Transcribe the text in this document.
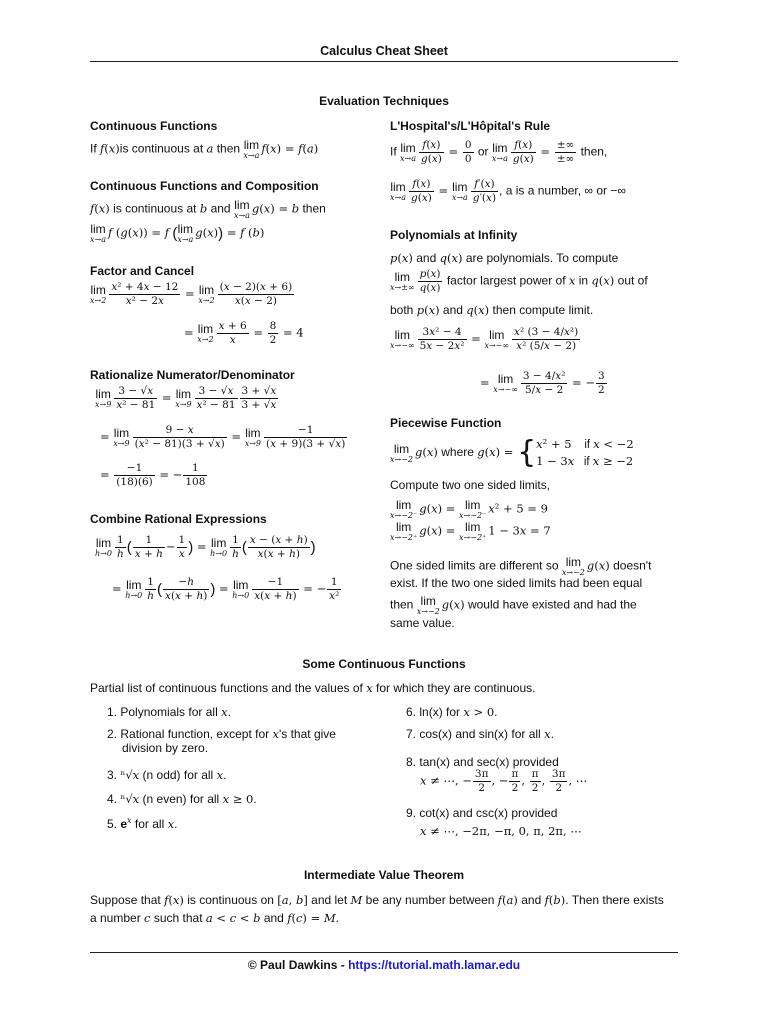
Calculus Cheat Sheet
Evaluation Techniques
Continuous Functions
If f(x)is continuous at a then lim
x→a f(x) = f(a)
Continuous Functions and Composition
f(x) is continuous at b and lim
x→a g(x) = b then
lim
x→a f (g(x)) = f ( lim
x→a g(x)) = f (b)
Factor and Cancel
lim
$x\to 2 \frac{\text{x² + 4x − 12}}{\text{x² − 2x}} = \lim$
$x\to 2 \frac{(x - 2)(x + 6)}{x(x - 2)}$
= lim
$x\to 2 \frac{x + 6}{x} = \frac{8}{2} = 4$
Rationalize Numerator/Denominator
lim
$x\to 9 \frac{3 - √x}{\text{x² − 81}} = \lim$
$x\to 9 \frac{3 - √x}{\text{x² − 81}} \frac{3 + √x}{3 + √x}$
= lim
$x\to 9 \frac{9 - x}{\text{(x² − 81)(3 + √x)}} = \lim$
$x\to 9 \frac{-1}{(x + 9)(3 + √x)}$
= $\frac{-1}{(18)(6)}$ = − $\frac{1}{108}$
Combine Rational Expressions
lim
$h\to 0 \frac{1}{h}$ ( $\frac{1}{x + h} - \frac{1}{x}$ ) = lim
$h\to 0 \frac{1}{h}$ ( $\frac{x - (x + h)}{x(x + h)}$ )
= lim
$h\to 0 \frac{1}{h}$ ( $\frac{-h}{x(x + h)}$ ) = lim
$h\to 0 \frac{-1}{x(x + h)}$ = − $\frac{1}{\text{x²}}$
L'Hospital's/L'Hôpital's Rule
If lim
$x\to a \frac{f(x)}{g(x)} = \frac{0}{0}$ or lim
$x\to a \frac{f(x)}{g(x)} = \frac{\pm\infty}{\pm\infty}$ then,
lim
$x\to a \frac{f(x)}{g(x)} = \lim$
$x\to a \frac{f'(x)}{g'(x)}$ , a is a number, ∞ or −∞
Polynomials at Infinity
p(x) and q(x) are polynomials. To compute
lim
$x\to\pm\infty \frac{p(x)}{q(x)}$ factor largest power of x in q(x) out of
both p(x) and q(x) then compute limit.
lim
$x\to-\infty \frac{\text{3x² − 4}}{\text{5x − 2x²}} = \lim$
$x\to-\infty \frac{\text{x² (3 − 4/x²)}}{\text{x² (5/x − 2)}}$
= lim
$x\to-\infty \frac{\text{3 − 4/x²}}{5/x - 2}$ = − $\frac{3}{2}$
Piecewise Function
lim
x→−2 g(x) where g(x) = {x² + 5    if x < −2
1 − 3x   if x ≥ −2
Compute two one sided limits,
lim
x→−2⁻ g(x) = lim
x→−2⁻ x² + 5 = 9
lim
x→−2⁺ g(x) = lim
x→−2⁺ 1 − 3x = 7
One sided limits are different so lim
x→−2 g(x) doesn't
exist. If the two one sided limits had been equal
then lim
x→−2 g(x) would have existed and had the
same value.
Some Continuous Functions
Partial list of continuous functions and the values of x for which they are continuous.
1. Polynomials for all x.
2. Rational function, except for x's that give
division by zero.
3. ⁿ√x (n odd) for all x.
4. ⁿ√x (n even) for all x ≥ 0.
5. $e^x$ for all x.
6. ln(x) for x > 0.
7. cos(x) and sin(x) for all x.
8. tan(x) and sec(x) provided
x ≠ ⋯, − $\frac{3\pi}{2}$ , − $\frac{\pi}{2}$ , $\frac{\pi}{2}$ , $\frac{3\pi}{2}$ , ⋯
9. cot(x) and csc(x) provided
x ≠ ⋯, −2π, −π, 0, π, 2π, ⋯
Intermediate Value Theorem
Suppose that f(x) is continuous on [a, b] and let M be any number between f(a) and f(b). Then there exists
a number c such that a < c < b and f(c) = M.
© Paul Dawkins - https://tutorial.math.lamar.edu
